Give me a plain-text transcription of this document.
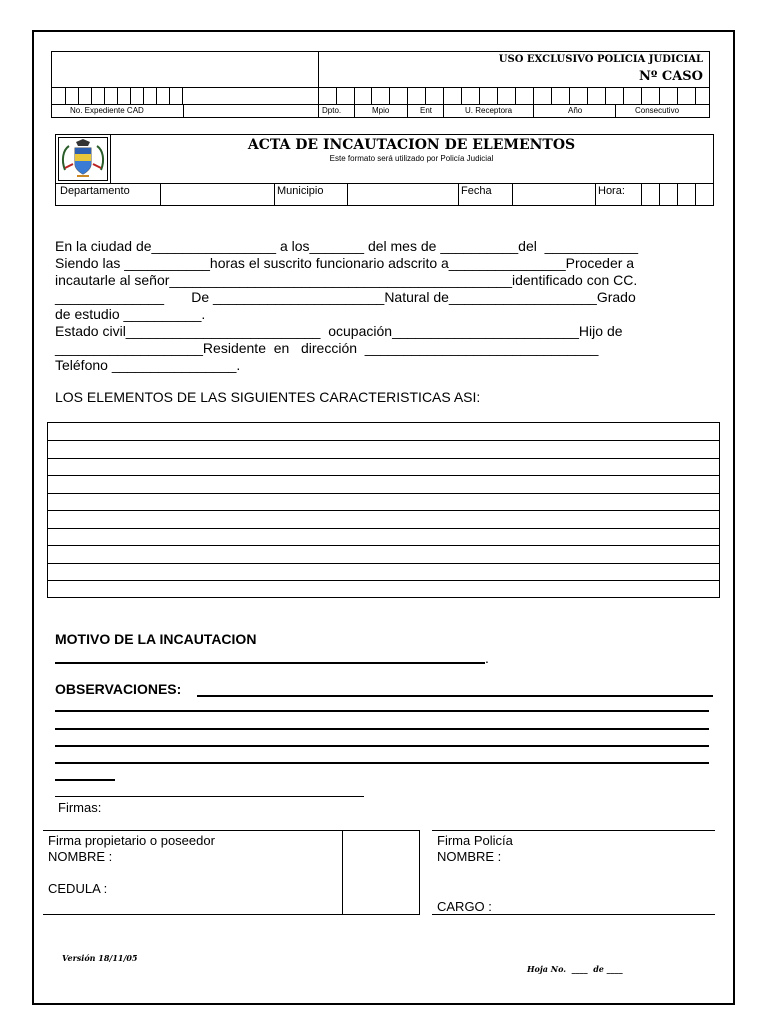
No. Expediente CAD
USO EXCLUSIVO POLICIA JUDICIAL
Nº CASO
Dpto.	Mpio	Ent	U. Receptora	Año	Consecutivo
ACTA DE INCAUTACION DE ELEMENTOS
Este formato será utilizado por Policía Judicial
Departamento	Municipio	Fecha	Hora:
En la ciudad de________________ a los_______ del mes de __________del  ____________
Siendo las ___________horas el suscrito funcionario adscrito a_______________Proceder a
incautarle al señor____________________________________________identificado con CC.
______________       De ______________________Natural de___________________Grado
de estudio __________.
Estado civil_________________________  ocupación________________________Hijo de
___________________Residente  en   dirección  ______________________________
Teléfono ________________.
LOS ELEMENTOS DE LAS SIGUIENTES CARACTERISTICAS ASI:
MOTIVO DE LA INCAUTACION
.
OBSERVACIONES:
Firmas:
Firma propietario o poseedor
NOMBRE :
CEDULA :
Firma Policía
NOMBRE :
CARGO :
Versión 18/11/05
Hoja No.  ____  de ____
